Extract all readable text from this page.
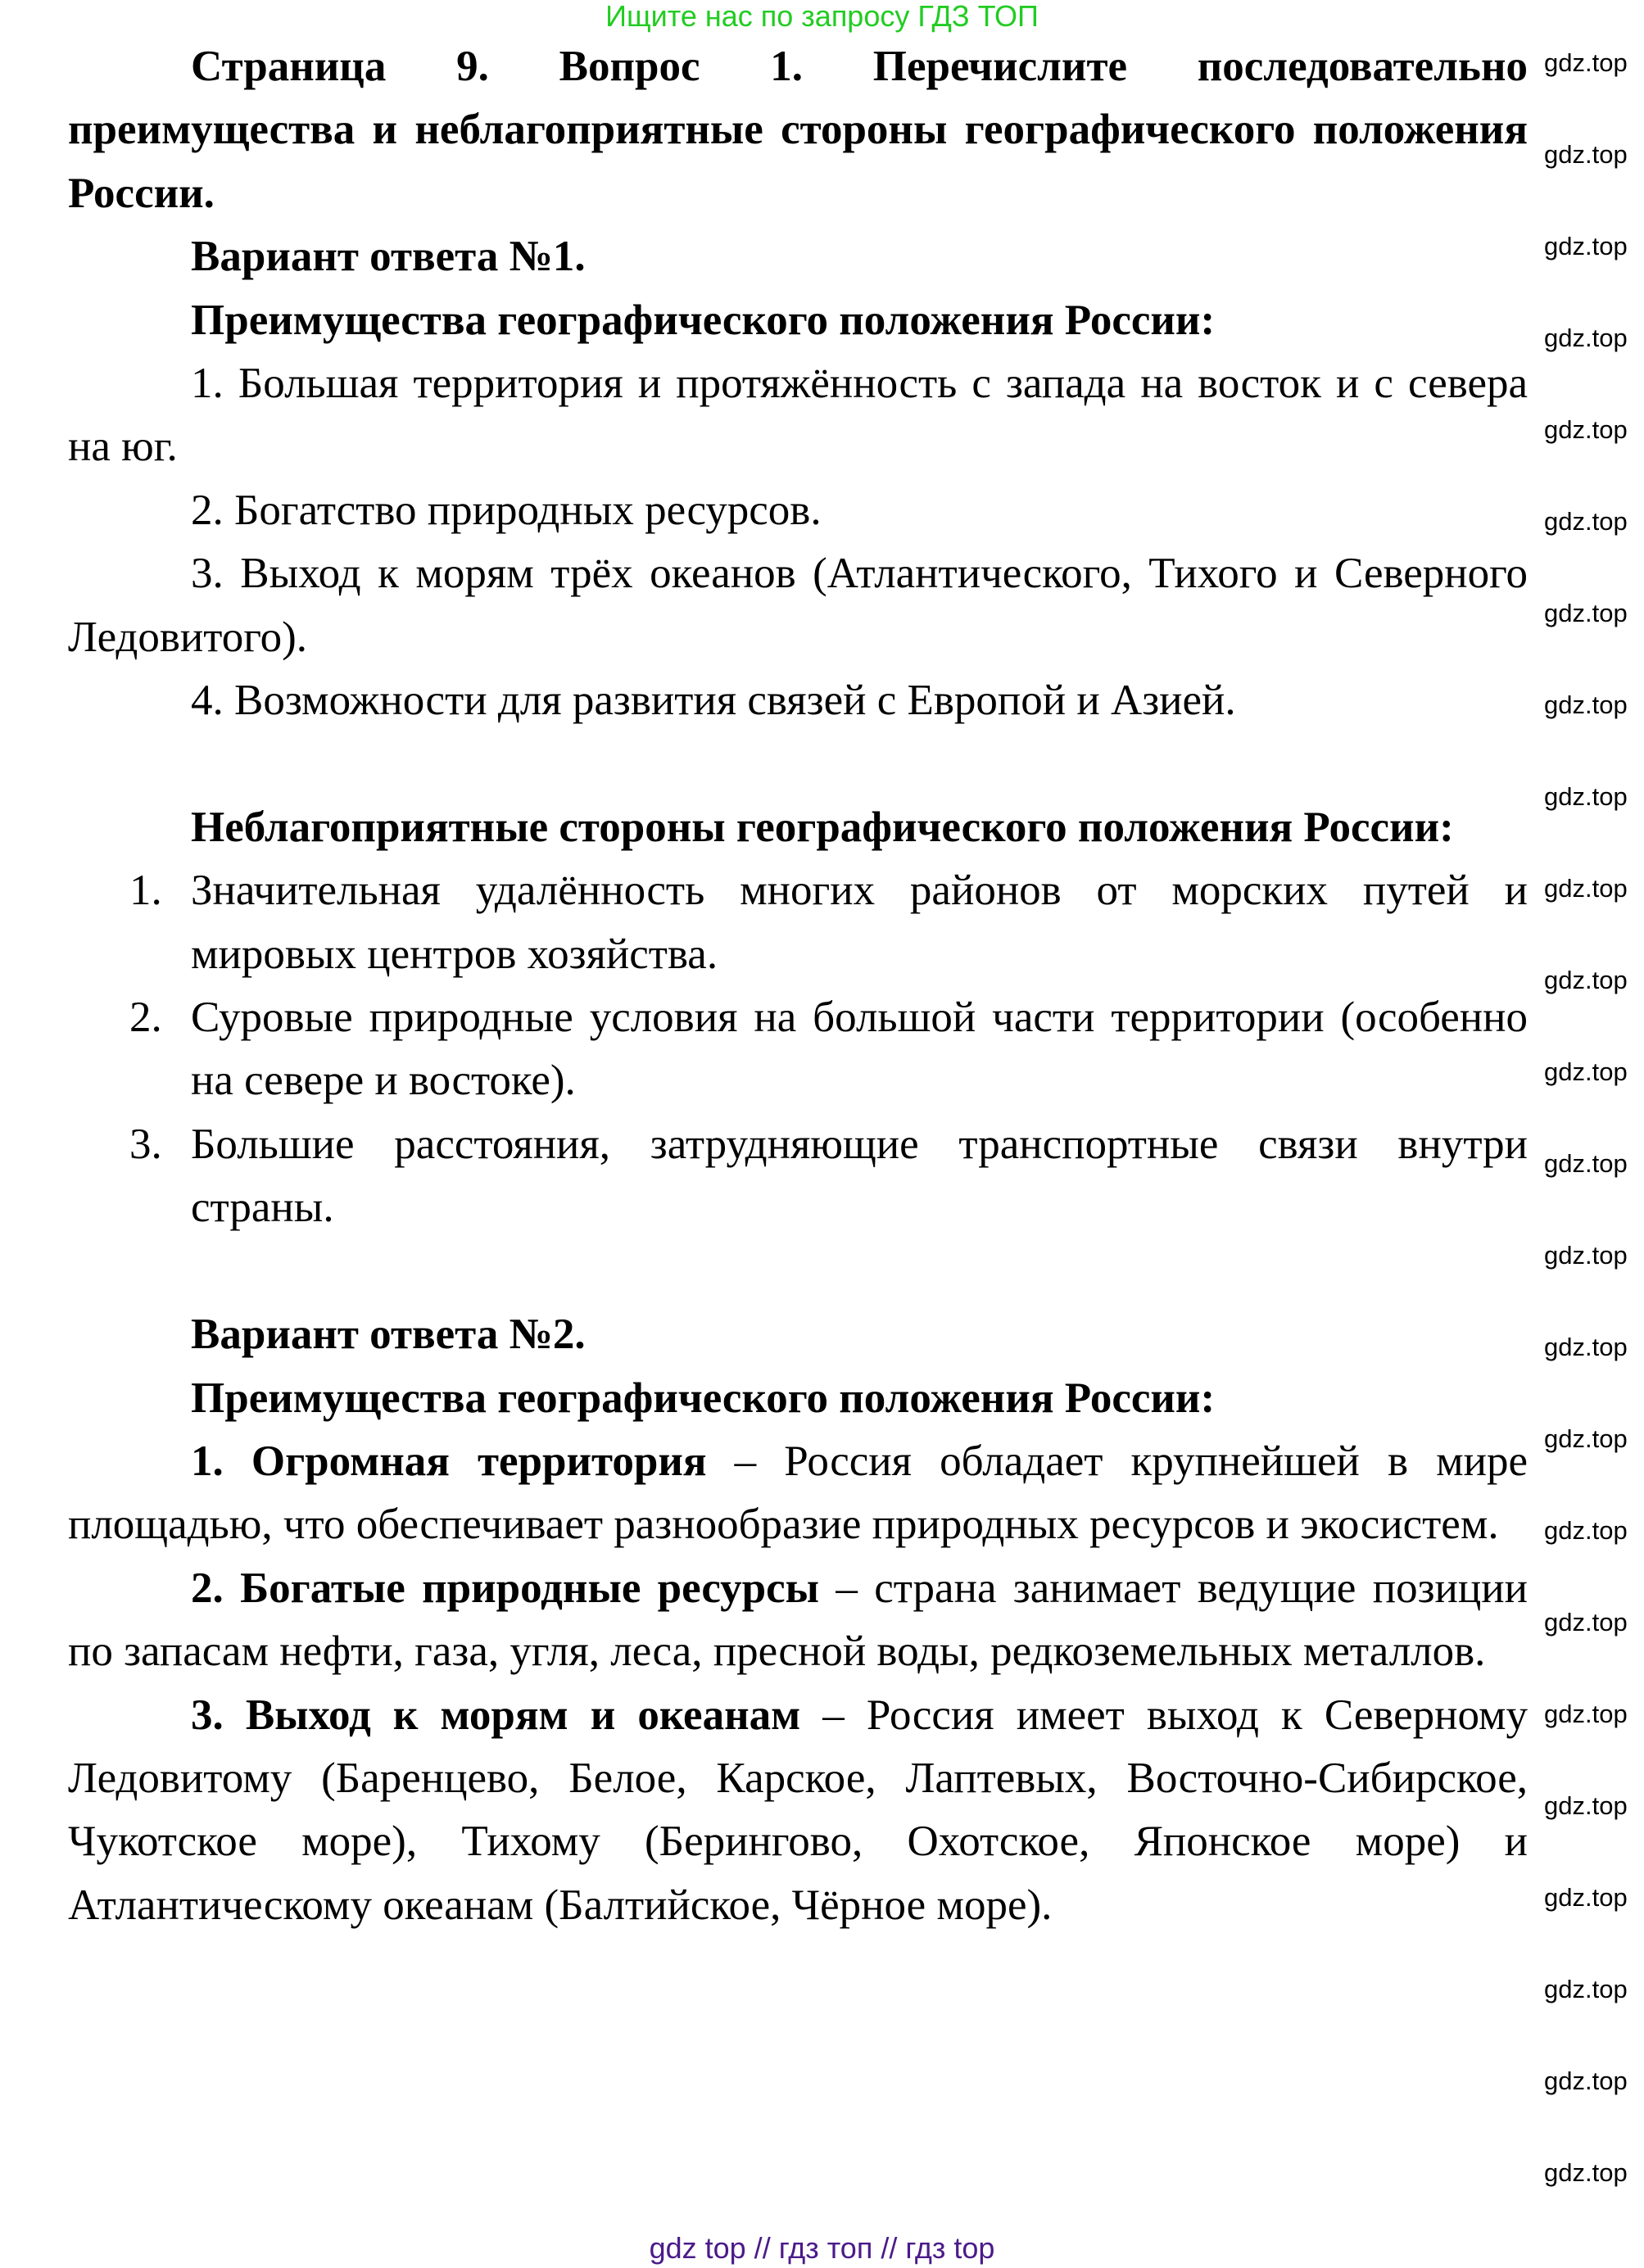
Ищите нас по запросу ГДЗ ТОП

Страница 9. Вопрос 1. Перечислите последовательно преимущества и неблагоприятные стороны географического положения России.

Вариант ответа №1.

Преимущества географического положения России:

1. Большая территория и протяжённость с запада на восток и с севера на юг.

2. Богатство природных ресурсов.

3. Выход к морям трёх океанов (Атлантического, Тихого и Северного Ледовитого).

4. Возможности для развития связей с Европой и Азией.

Неблагоприятные стороны географического положения России:

1. Значительная удалённость многих районов от морских путей и мировых центров хозяйства.

2. Суровые природные условия на большой части территории (особенно на севере и востоке).

3. Большие расстояния, затрудняющие транспортные связи внутри страны.

Вариант ответа №2.

Преимущества географического положения России:

1. Огромная территория – Россия обладает крупнейшей в мире площадью, что обеспечивает разнообразие природных ресурсов и экосистем.

2. Богатые природные ресурсы – страна занимает ведущие позиции по запасам нефти, газа, угля, леса, пресной воды, редкоземельных металлов.

3. Выход к морям и океанам – Россия имеет выход к Северному Ледовитому (Баренцево, Белое, Карское, Лаптевых, Восточно-Сибирское, Чукотское море), Тихому (Берингово, Охотское, Японское море) и Атлантическому океанам (Балтийское, Чёрное море).

gdz.top
gdz.top
gdz.top
gdz.top
gdz.top
gdz.top
gdz.top
gdz.top
gdz.top
gdz.top
gdz.top
gdz.top
gdz.top
gdz.top
gdz.top
gdz.top
gdz.top
gdz.top
gdz.top
gdz.top
gdz.top
gdz.top
gdz.top
gdz.top
gdz top // гдз топ // гдз top
